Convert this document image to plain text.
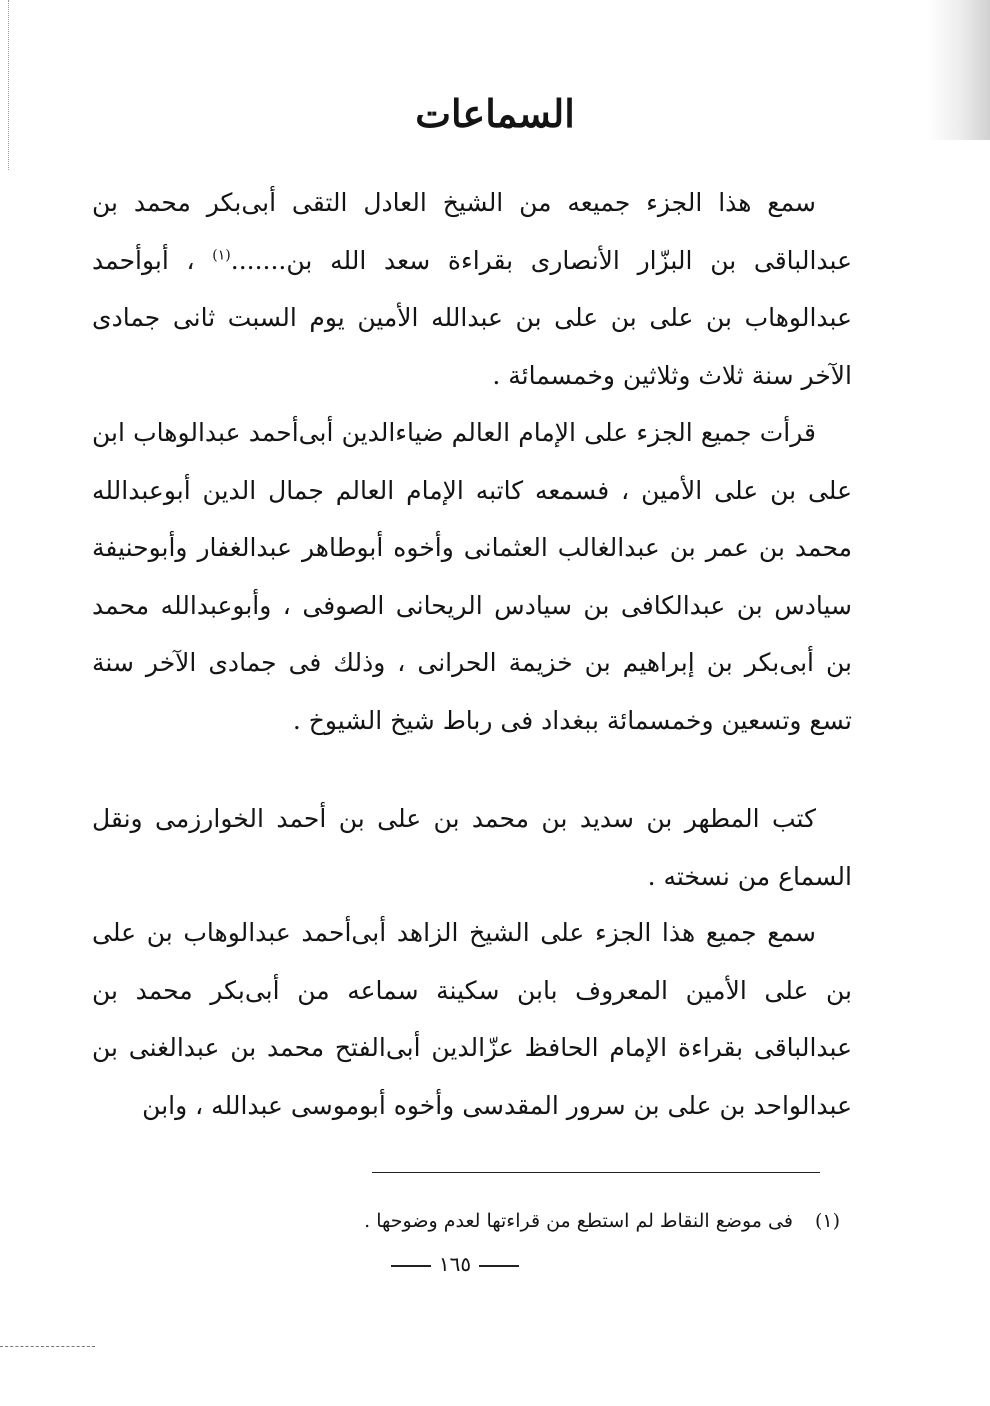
السماعات
سمع هذا الجزء جميعه من الشيخ العادل التقى أبى‌بكر محمد بن عبدالباقى بن البزّار الأنصارى بقراءة سعد الله بن.......$^{(١)}$ ، أبوأحمد عبدالوهاب بن على بن على بن عبدالله الأمين يوم السبت ثانى جمادى الآخر سنة ثلاث وثلاثين وخمسمائة .
قرأت جميع الجزء على الإمام العالم ضياءالدين أبى‌أحمد عبدالوهاب ابن على بن على الأمين ، فسمعه كاتبه الإمام العالم جمال الدين أبوعبدالله محمد بن عمر بن عبدالغالب العثمانى وأخوه أبوطاهر عبدالغفار وأبوحنيفة سيادس بن عبدالكافى بن سيادس الريحانى الصوفى ، وأبوعبدالله محمد بن أبى‌بكر بن إبراهيم بن خزيمة الحرانى ، وذلك فى جمادى الآخر سنة تسع وتسعين وخمسمائة ببغداد فى رباط شيخ الشيوخ .
كتب المطهر بن سديد بن محمد بن على بن أحمد الخوارزمى ونقل السماع من نسخته .
سمع جميع هذا الجزء على الشيخ الزاهد أبى‌أحمد عبدالوهاب بن على بن على الأمين المعروف بابن سكينة سماعه من أبى‌بكر محمد بن عبدالباقى بقراءة الإمام الحافظ عزّالدين أبى‌الفتح محمد بن عبدالغنى بن عبدالواحد بن على بن سرور المقدسى وأخوه أبوموسى عبدالله ، وابن
(١)فى موضع النقاط لم استطع من قراءتها لعدم وضوحها .
١٦٥
